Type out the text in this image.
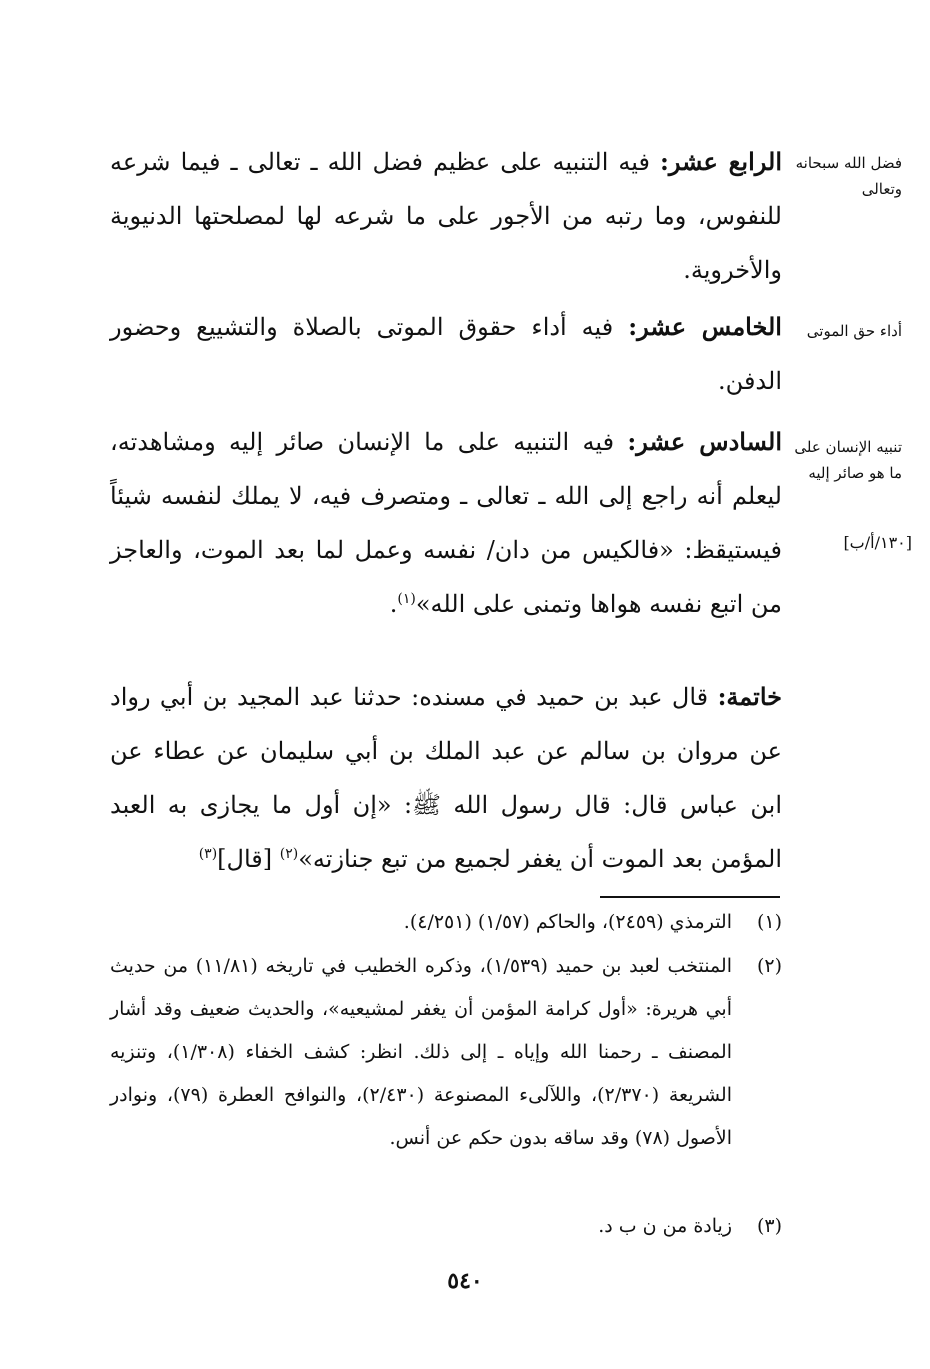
فضل الله سبحانه وتعالى
أداء حق الموتى
تنبيه الإنسان على ما هو صائر إليه
[١٣٠/أ/ب]
الرابع عشر: فيه التنبيه على عظيم فضل الله ـ تعالى ـ فيما شرعه للنفوس، وما رتبه من الأجور على ما شرعه لها لمصلحتها الدنيوية والأخروية.
الخامس عشر: فيه أداء حقوق الموتى بالصلاة والتشييع وحضور الدفن.
السادس عشر: فيه التنبيه على ما الإنسان صائر إليه ومشاهدته، ليعلم أنه راجع إلى الله ـ تعالى ـ ومتصرف فيه، لا يملك لنفسه شيئاً فيستيقظ: «فالكيس من دان/ نفسه وعمل لما بعد الموت، والعاجز من اتبع نفسه هواها وتمنى على الله»$^{(١)}$.
خاتمة: قال عبد بن حميد في مسنده: حدثنا عبد المجيد بن أبي رواد عن مروان بن سالم عن عبد الملك بن أبي سليمان عن عطاء عن ابن عباس قال: قال رسول الله ﷺ: «إن أول ما يجازى به العبد المؤمن بعد الموت أن يغفر لجميع من تبع جنازته»$^{(٢)}$ [قال]$^{(٣)}$
(١)
الترمذي (٢٤٥٩)، والحاكم (١/٥٧) (٤/٢٥١).
(٢)
المنتخب لعبد بن حميد (١/٥٣٩)، وذكره الخطيب في تاريخه (١١/٨١) من حديث أبي هريرة: «أول كرامة المؤمن أن يغفر لمشيعيه»، والحديث ضعيف وقد أشار المصنف ـ رحمنا الله وإياه ـ إلى ذلك. انظر: كشف الخفاء (١/٣٠٨)، وتنزيه الشريعة (٢/٣٧٠)، واللآلىء المصنوعة (٢/٤٣٠)، والنوافح العطرة (٧٩)، ونوادر الأصول (٧٨) وقد ساقه بدون حكم عن أنس.
(٣)
زيادة من ن ب د.
٥٤٠
